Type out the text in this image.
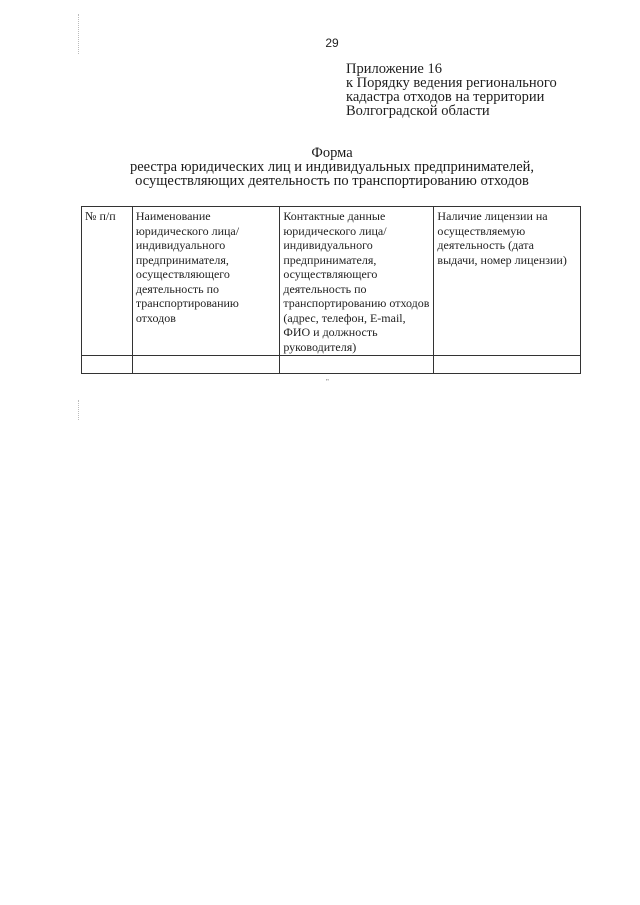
29
Приложение 16
к Порядку ведения регионального
кадастра отходов на территории
Волгоградской области
Форма
реестра юридических лиц и индивидуальных предпринимателей,
осуществляющих деятельность по транспортированию отходов
№ п/п	Наименование юридического лица/индивидуального предпринимателя, осуществляющего деятельность по транспортированию отходов	Контактные данные юридического лица/индивидуального предпринимателя, осуществляющего деятельность по транспортированию отходов (адрес, телефон, E-mail, ФИО и должность руководителя)	Наличие лицензии на осуществляемую деятельность (дата выдачи, номер лицензии)

"
